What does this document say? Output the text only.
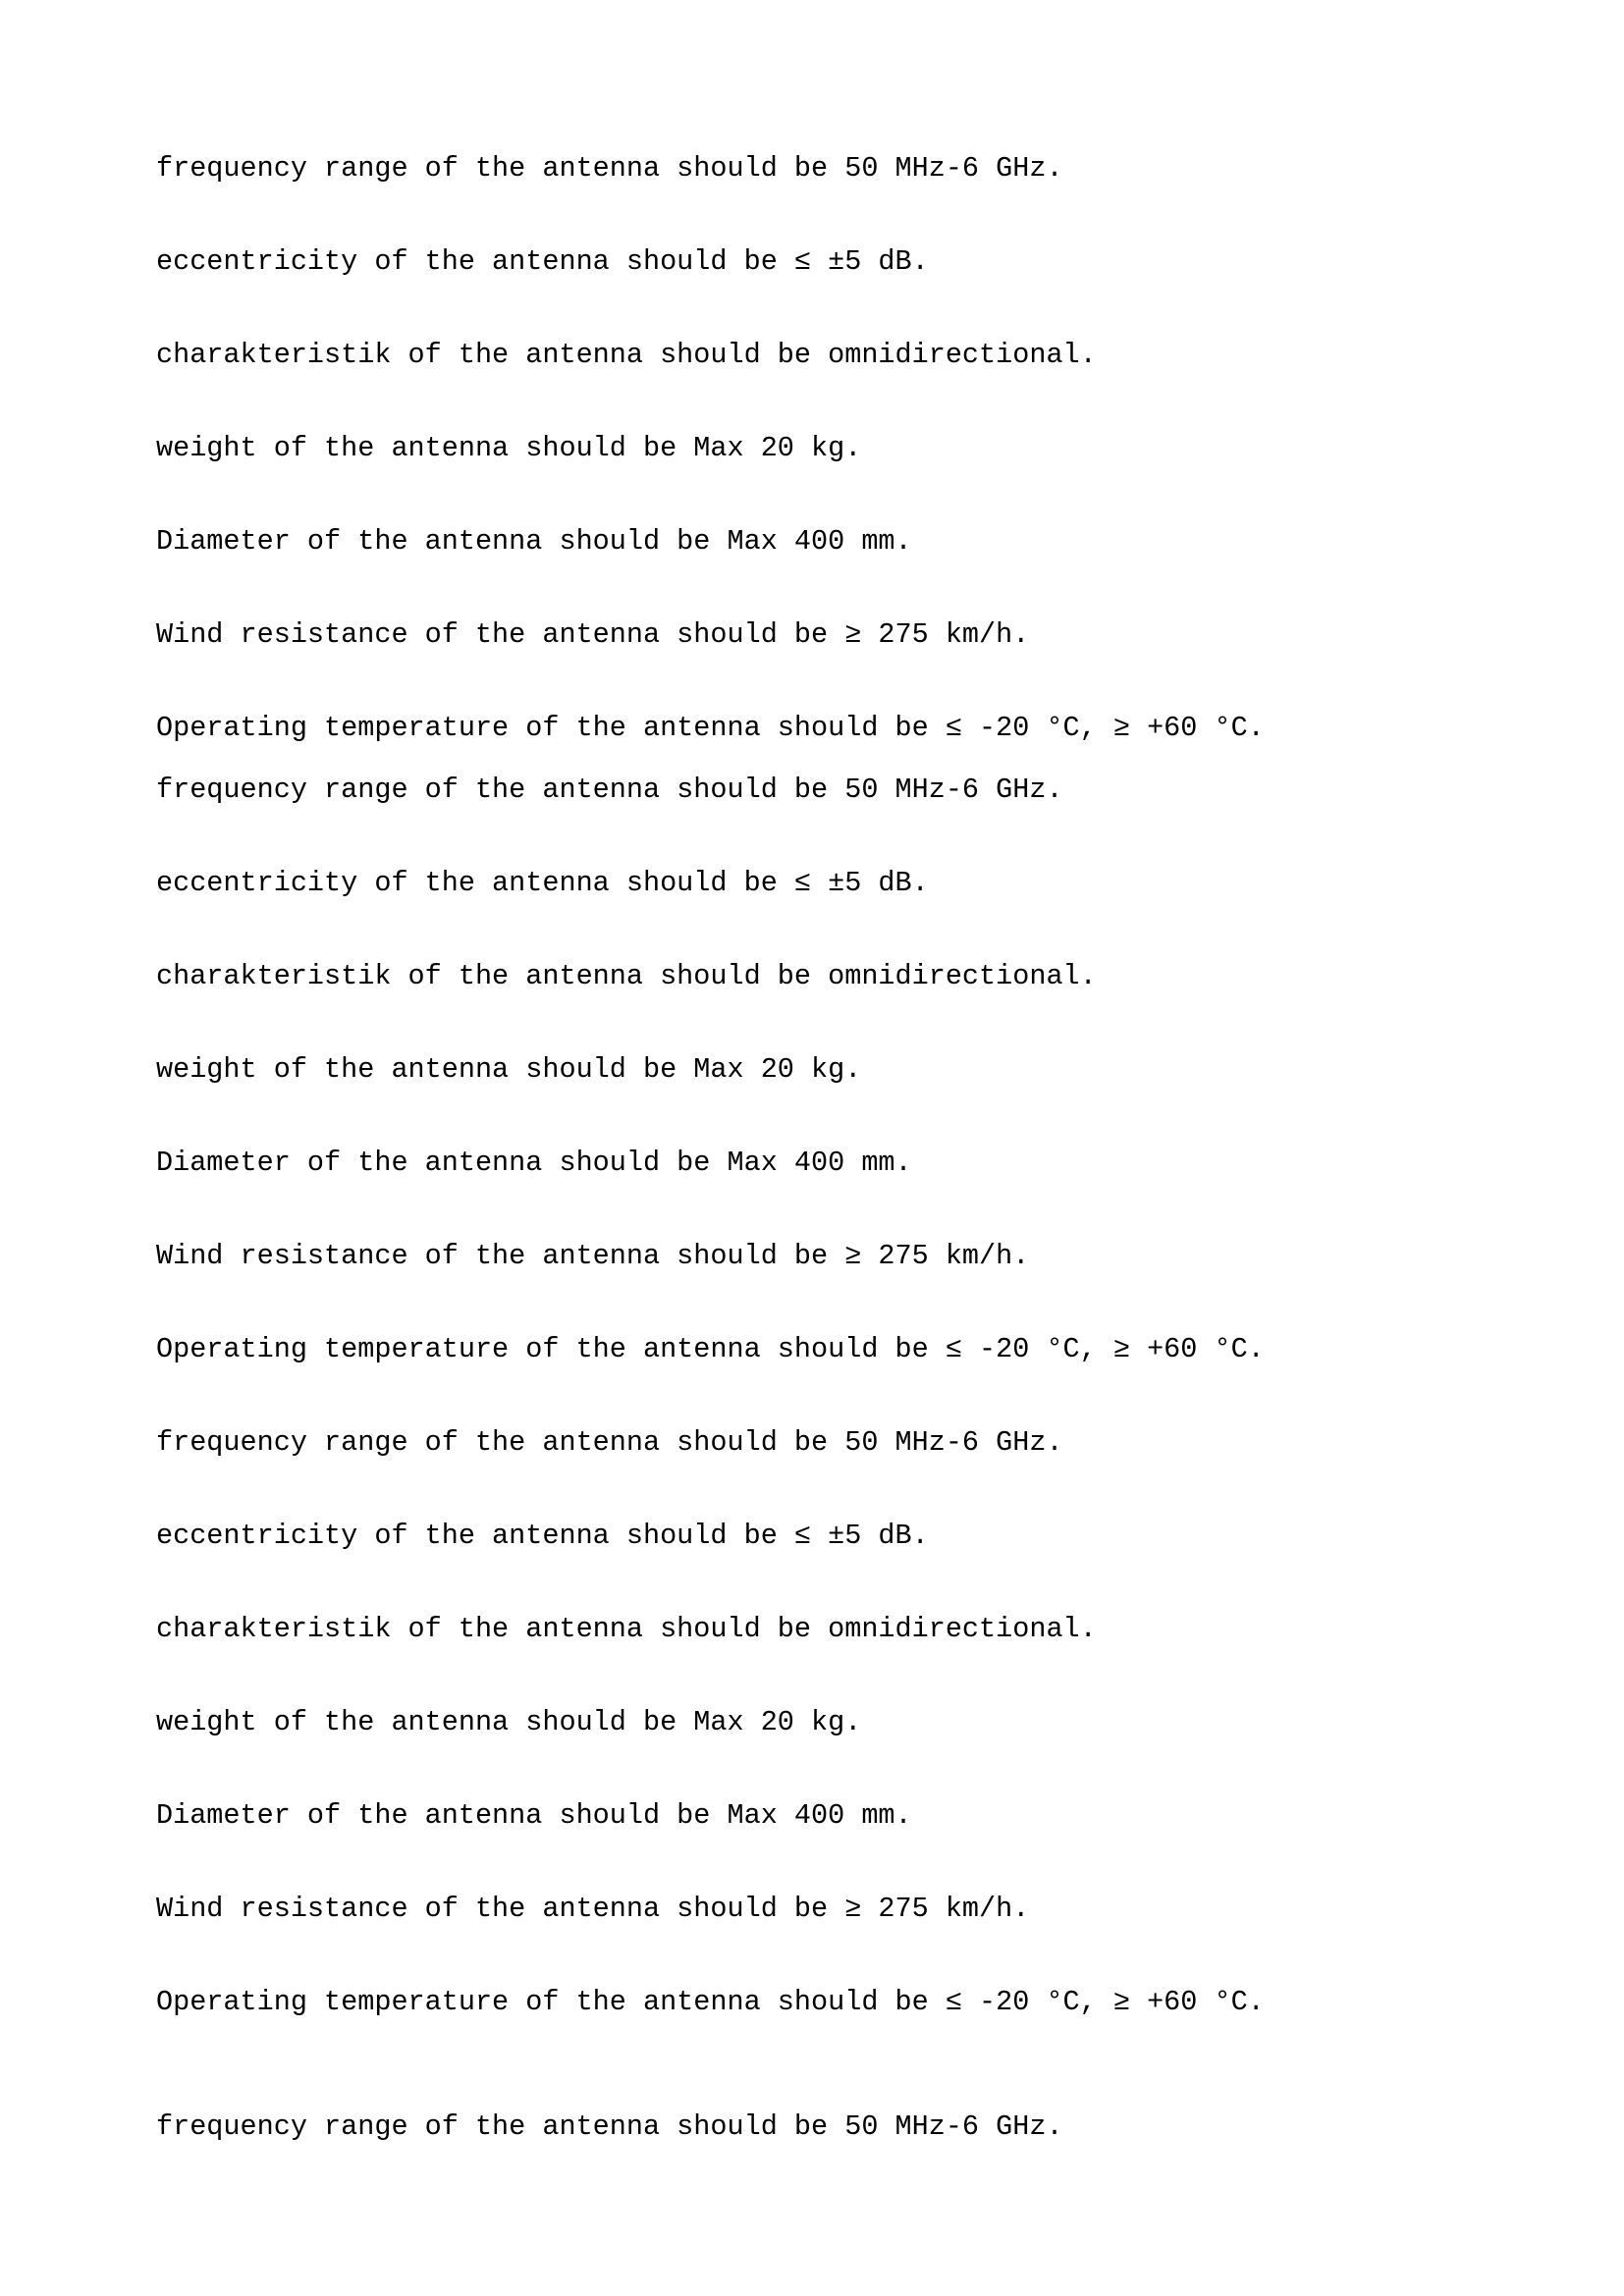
frequency range of the antenna should be 50 MHz-6 GHz.

eccentricity of the antenna should be ≤ ±5 dB.

charakteristik of the antenna should be omnidirectional.

weight of the antenna should be Max 20 kg.

Diameter of the antenna should be Max 400 mm.

Wind resistance of the antenna should be ≥ 275 km/h.

Operating temperature of the antenna should be ≤ -20 °C, ≥ +60 °C.

frequency range of the antenna should be 50 MHz-6 GHz.

eccentricity of the antenna should be ≤ ±5 dB.

charakteristik of the antenna should be omnidirectional.

weight of the antenna should be Max 20 kg.

Diameter of the antenna should be Max 400 mm.

Wind resistance of the antenna should be ≥ 275 km/h.

Operating temperature of the antenna should be ≤ -20 °C, ≥ +60 °C.

frequency range of the antenna should be 50 MHz-6 GHz.

eccentricity of the antenna should be ≤ ±5 dB.

charakteristik of the antenna should be omnidirectional.

weight of the antenna should be Max 20 kg.

Diameter of the antenna should be Max 400 mm.

Wind resistance of the antenna should be ≥ 275 km/h.

Operating temperature of the antenna should be ≤ -20 °C, ≥ +60 °C.

frequency range of the antenna should be 50 MHz-6 GHz.
